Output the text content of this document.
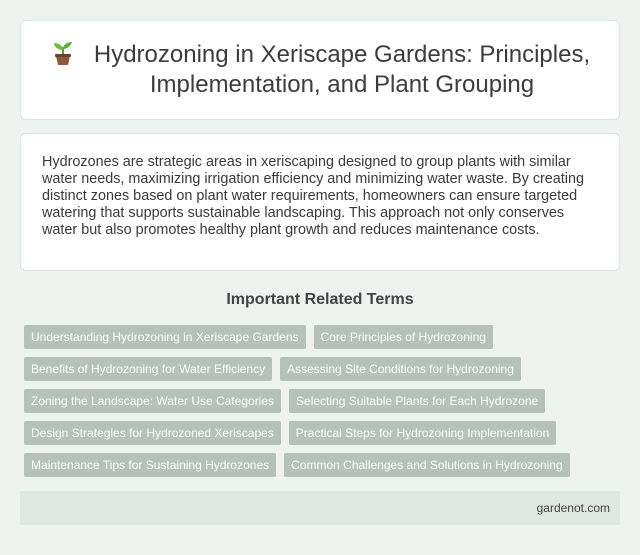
Hydrozoning in Xeriscape Gardens: Principles,
Implementation, and Plant Grouping

Hydrozones are strategic areas in xeriscaping designed to group plants with similar water needs, maximizing irrigation efficiency and minimizing water waste. By creating distinct zones based on plant water requirements, homeowners can ensure targeted watering that supports sustainable landscaping. This approach not only conserves water but also promotes healthy plant growth and reduces maintenance costs.

Important Related Terms
Understanding Hydrozoning in Xeriscape Gardens	Core Principles of Hydrozoning
Benefits of Hydrozoning for Water Efficiency	Assessing Site Conditions for Hydrozoning
Zoning the Landscape: Water Use Categories	Selecting Suitable Plants for Each Hydrozone
Design Strategies for Hydrozoned Xeriscapes	Practical Steps for Hydrozoning Implementation
Maintenance Tips for Sustaining Hydrozones	Common Challenges and Solutions in Hydrozoning
gardenot.com
